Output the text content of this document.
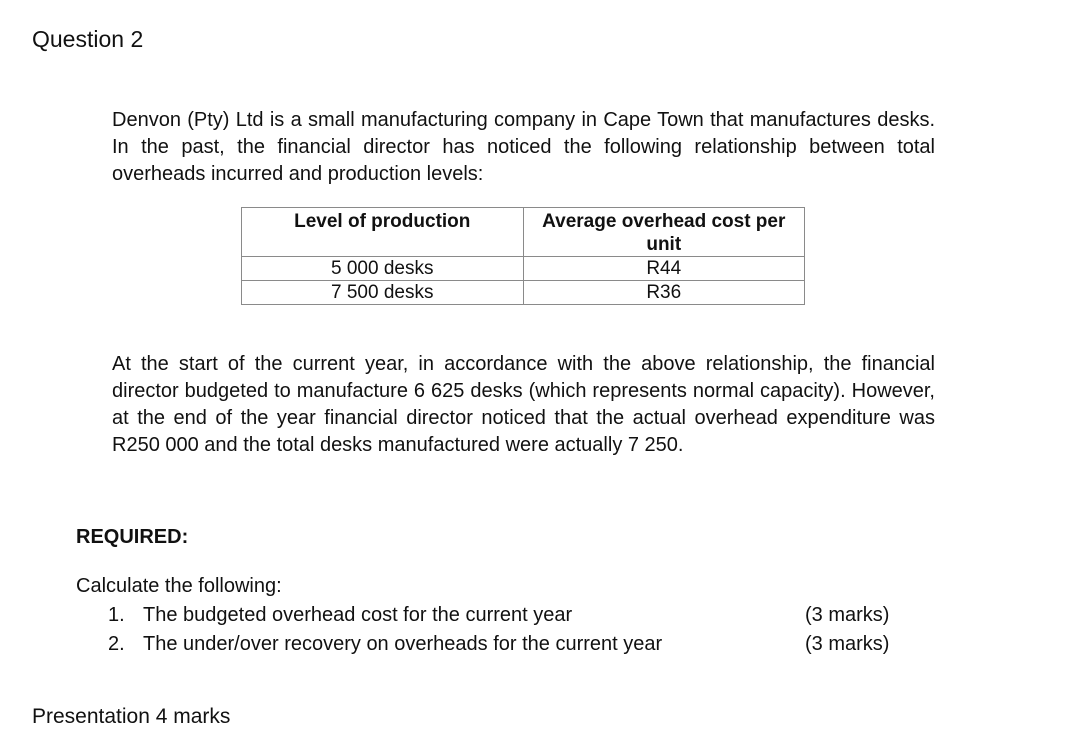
Question 2

Denvon (Pty) Ltd is a small manufacturing company in Cape Town that manufactures desks. In the past, the financial director has noticed the following relationship between total overheads incurred and production levels:

Level of production	Average overhead cost per unit
5 000 desks	R44
7 500 desks	R36

At the start of the current year, in accordance with the above relationship, the financial director budgeted to manufacture 6 625 desks (which represents normal capacity). However, at the end of the year financial director noticed that the actual overhead expenditure was R250 000 and the total desks manufactured were actually 7 250.

REQUIRED:

Calculate the following:

1. The budgeted overhead cost for the current year	(3 marks)
2. The under/over recovery on overheads for the current year	(3 marks)

Presentation 4 marks
